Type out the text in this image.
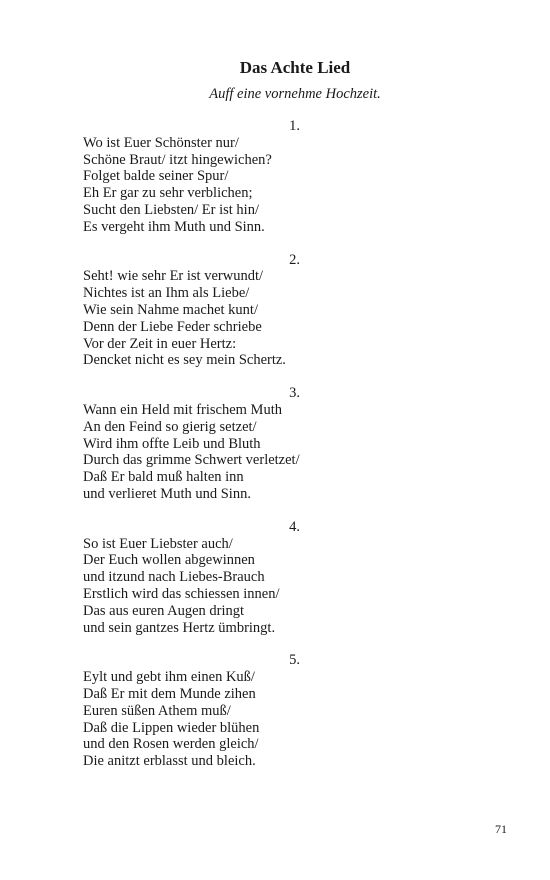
Das Achte Lied
Auff eine vornehme Hochzeit.
1.
Wo ist Euer Schönster nur/
Schöne Braut/ itzt hingewichen?
Folget balde seiner Spur/
Eh Er gar zu sehr verblichen;
Sucht den Liebsten/ Er ist hin/
Es vergeht ihm Muth und Sinn.
2.
Seht! wie sehr Er ist verwundt/
Nichtes ist an Ihm als Liebe/
Wie sein Nahme machet kunt/
Denn der Liebe Feder schriebe
Vor der Zeit in euer Hertz:
Dencket nicht es sey mein Schertz.
3.
Wann ein Held mit frischem Muth
An den Feind so gierig setzet/
Wird ihm offte Leib und Bluth
Durch das grimme Schwert verletzet/
Daß Er bald muß halten inn
und verlieret Muth und Sinn.
4.
So ist Euer Liebster auch/
Der Euch wollen abgewinnen
und itzund nach Liebes-Brauch
Erstlich wird das schiessen innen/
Das aus euren Augen dringt
und sein gantzes Hertz ümbringt.
5.
Eylt und gebt ihm einen Kuß/
Daß Er mit dem Munde zihen
Euren süßen Athem muß/
Daß die Lippen wieder blühen
und den Rosen werden gleich/
Die anitzt erblasst und bleich.
71
